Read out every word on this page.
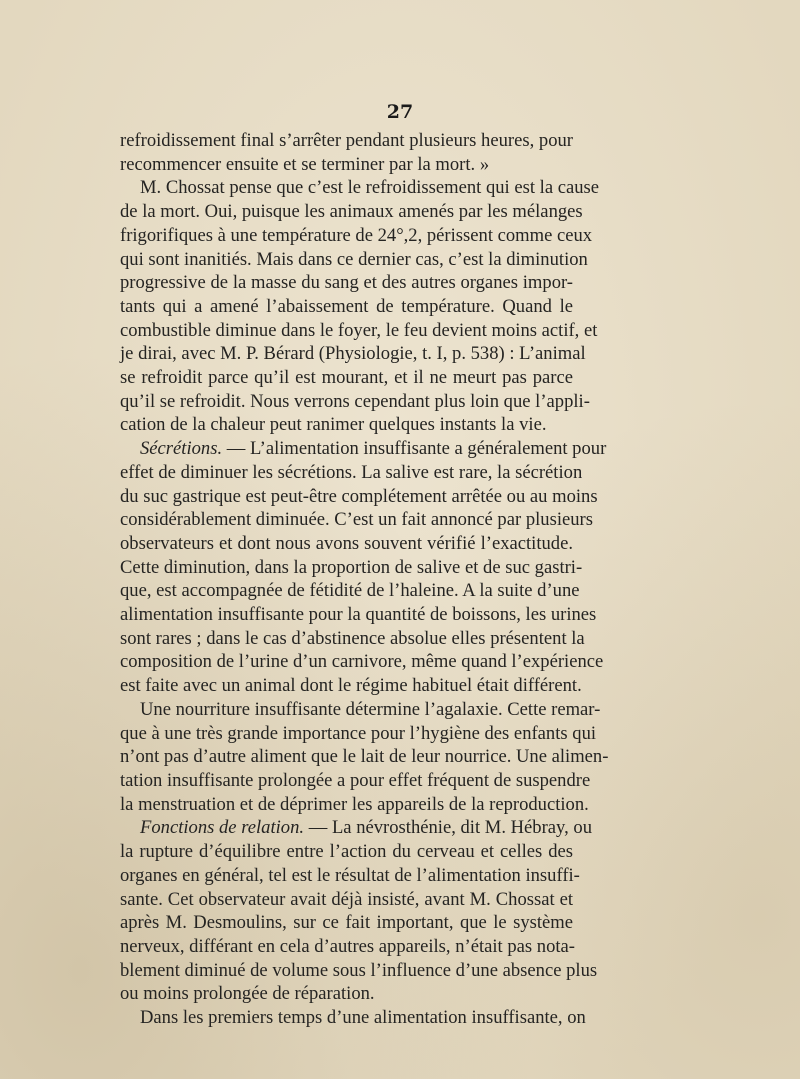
27
refroidissement final s’arrêter pendant plusieurs heures, pour
recommencer ensuite et se terminer par la mort. »
M. Chossat pense que c’est le refroidissement qui est la cause
de la mort. Oui, puisque les animaux amenés par les mélanges
frigorifiques à une température de 24°,2, périssent comme ceux
qui sont inanitiés. Mais dans ce dernier cas, c’est la diminution
progressive de la masse du sang et des autres organes impor-
tants qui a amené l’abaissement de température. Quand le
combustible diminue dans le foyer, le feu devient moins actif, et
je dirai, avec M. P. Bérard (Physiologie, t. I, p. 538) : L’animal
se refroidit parce qu’il est mourant, et il ne meurt pas parce
qu’il se refroidit. Nous verrons cependant plus loin que l’appli-
cation de la chaleur peut ranimer quelques instants la vie.
Sécrétions. — L’alimentation insuffisante a généralement pour
effet de diminuer les sécrétions. La salive est rare, la sécrétion
du suc gastrique est peut-être complétement arrêtée ou au moins
considérablement diminuée. C’est un fait annoncé par plusieurs
observateurs et dont nous avons souvent vérifié l’exactitude.
Cette diminution, dans la proportion de salive et de suc gastri-
que, est accompagnée de fétidité de l’haleine. A la suite d’une
alimentation insuffisante pour la quantité de boissons, les urines
sont rares ; dans le cas d’abstinence absolue elles présentent la
composition de l’urine d’un carnivore, même quand l’expérience
est faite avec un animal dont le régime habituel était différent.
Une nourriture insuffisante détermine l’agalaxie. Cette remar-
que à une très grande importance pour l’hygiène des enfants qui
n’ont pas d’autre aliment que le lait de leur nourrice. Une alimen-
tation insuffisante prolongée a pour effet fréquent de suspendre
la menstruation et de déprimer les appareils de la reproduction.
Fonctions de relation. — La névrosthénie, dit M. Hébray, ou
la rupture d’équilibre entre l’action du cerveau et celles des
organes en général, tel est le résultat de l’alimentation insuffi-
sante. Cet observateur avait déjà insisté, avant M. Chossat et
après M. Desmoulins, sur ce fait important, que le système
nerveux, différant en cela d’autres appareils, n’était pas nota-
blement diminué de volume sous l’influence d’une absence plus
ou moins prolongée de réparation.
Dans les premiers temps d’une alimentation insuffisante, on
